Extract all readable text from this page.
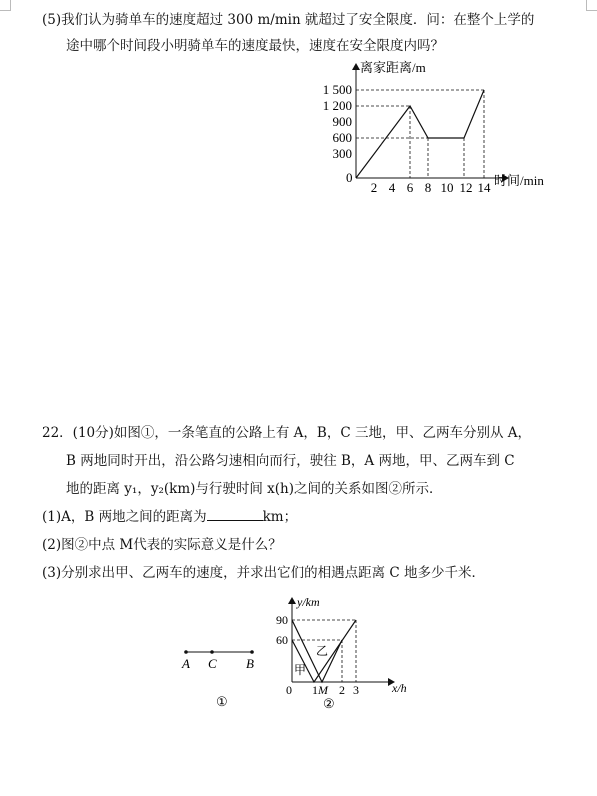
(5)我们认为骑单车的速度超过 300 m/min 就超过了安全限度．问：在整个上学的
途中哪个时间段小明骑单车的速度最快，速度在安全限度内吗？
离家距离/m
时间/min
0
1 500
1 200
900
600
300
2 4 6 8 10 12 14
22．(10分)如图①，一条笔直的公路上有 A，B，C 三地，甲、乙两车分别从 A，
B 两地同时开出，沿公路匀速相向而行，驶往 B，A 两地，甲、乙两车到 C
地的距离 y₁，y₂(km)与行驶时间 x(h)之间的关系如图②所示．
(1)A，B 两地之间的距离为	km；
(2)图②中点 M代表的实际意义是什么？
(3)分别求出甲、乙两车的速度，并求出它们的相遇点距离 C 地多少千米．
A C B
①
y/km
x/h
0
90
60
1 M 2 3
甲
乙
②
